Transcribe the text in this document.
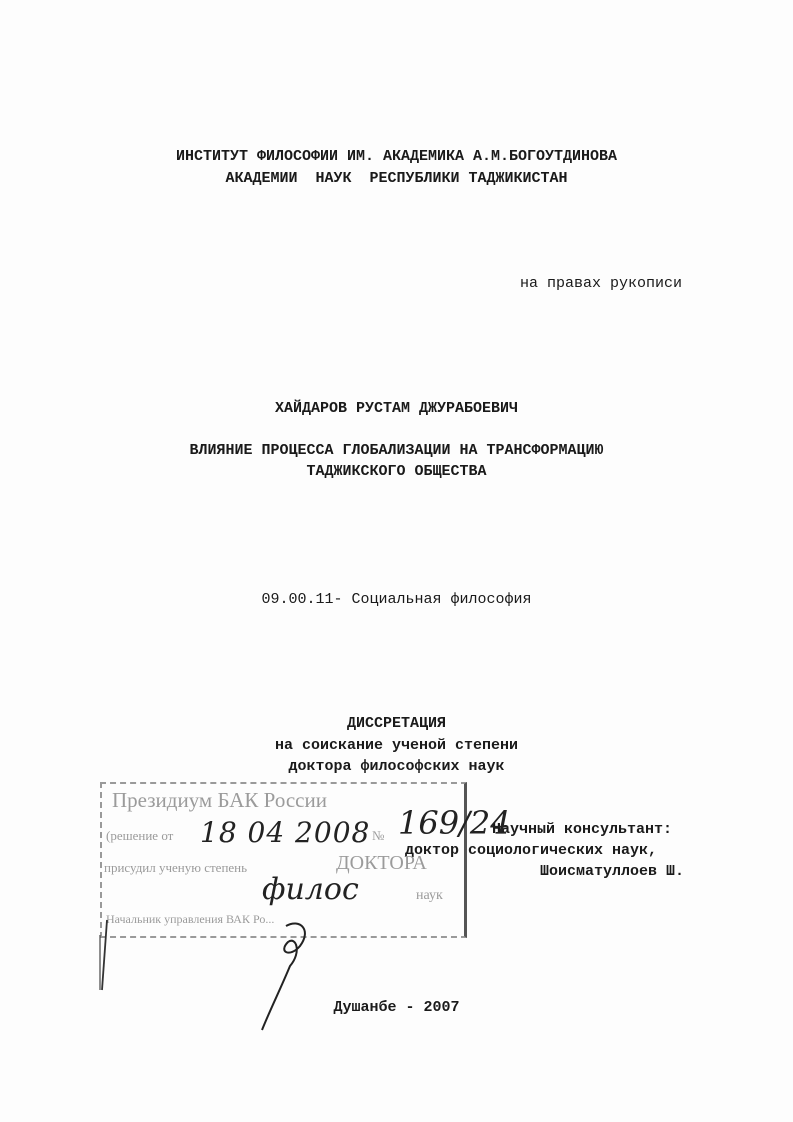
ИНСТИТУТ ФИЛОСОФИИ ИМ. АКАДЕМИКА А.М.БОГОУТДИНОВА
АКАДЕМИИ  НАУК  РЕСПУБЛИКИ ТАДЖИКИСТАН
на правах рукописи
ХАЙДАРОВ РУСТАМ ДЖУРАБОЕВИЧ
ВЛИЯНИЕ ПРОЦЕССА ГЛОБАЛИЗАЦИИ НА ТРАНСФОРМАЦИЮ
ТАДЖИКСКОГО ОБЩЕСТВА
09.00.11- Социальная философия
ДИССРЕТАЦИЯ
на соискание ученой степени
доктора философских наук
Научный консультант:
доктор социологических наук,
Шоисматуллоев Ш.
Президиум БАК России
(решение от	№
присудил ученую степень	ДОКТОРА
наук
Начальник управления ВАК Ро...
18 04 2008 169/24
филос
Душанбе - 2007
